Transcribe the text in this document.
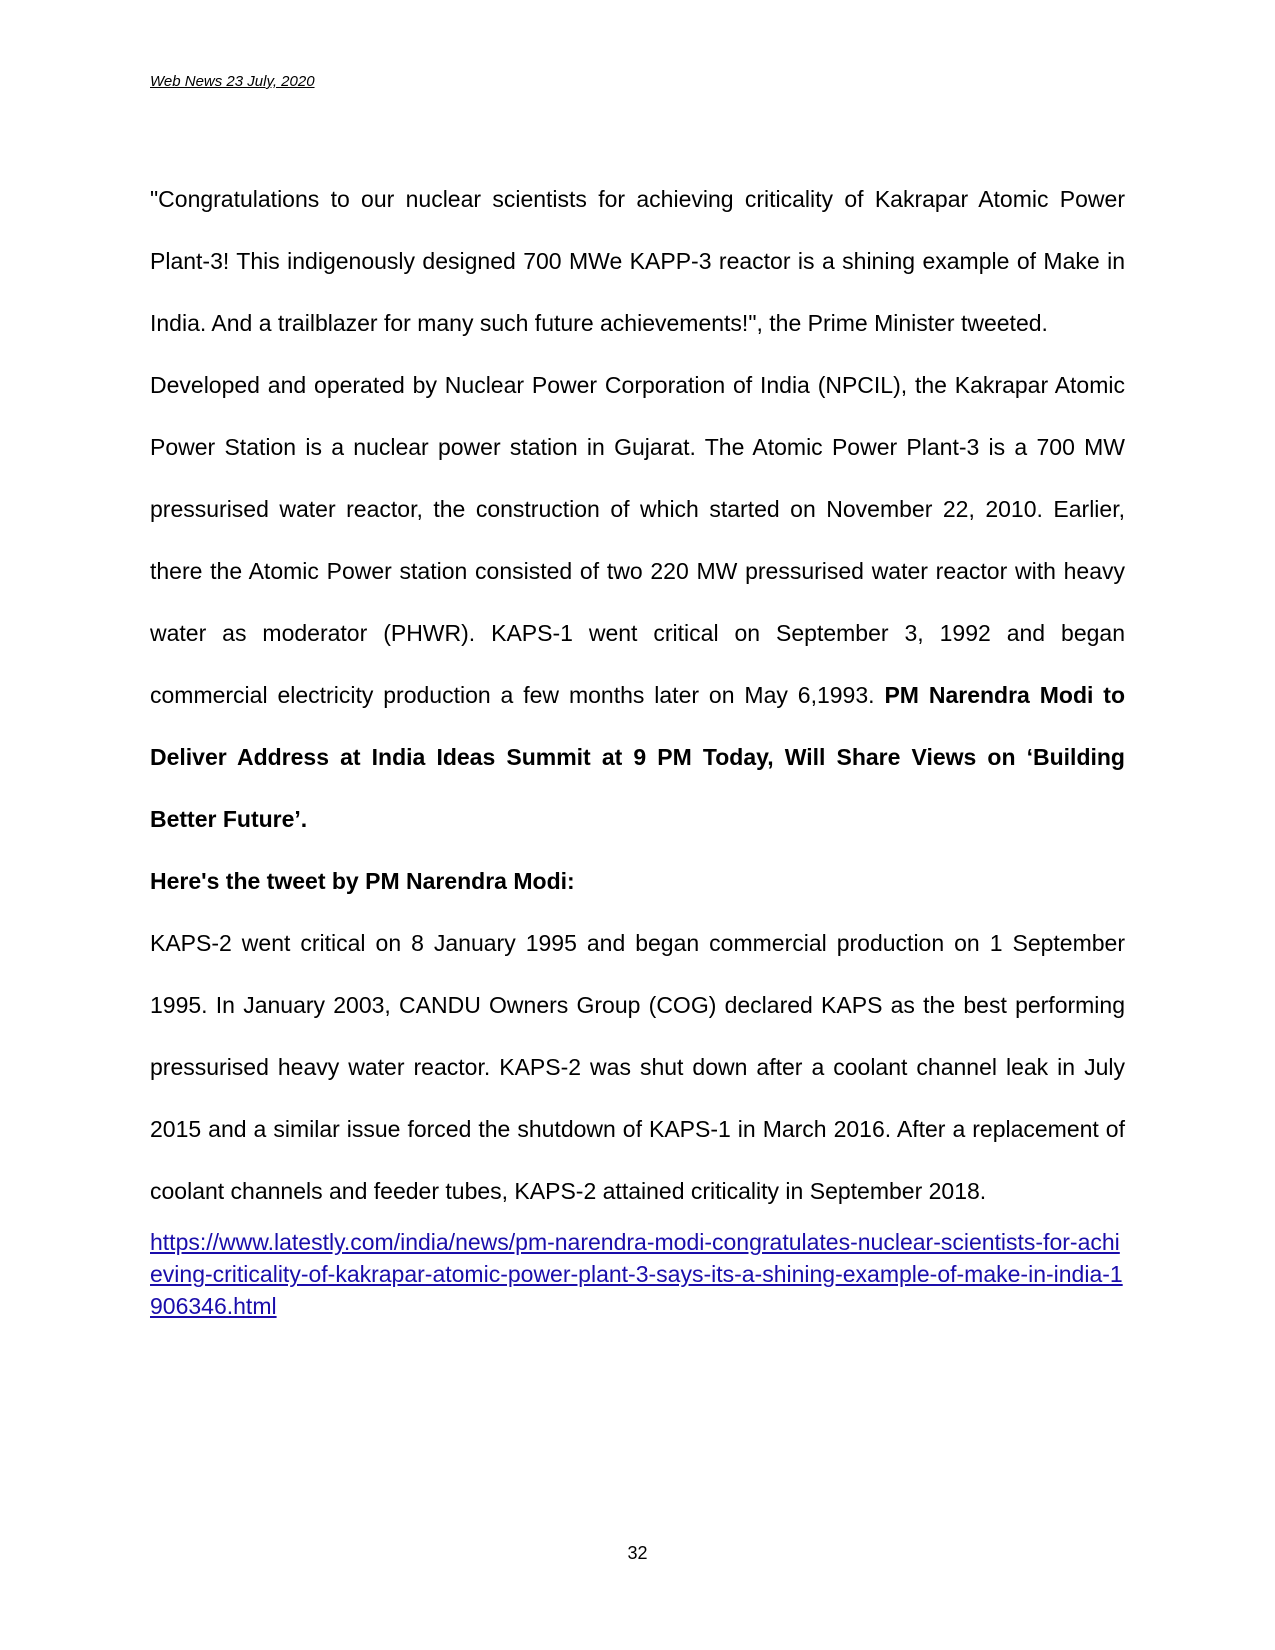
Web News 23 July, 2020

"Congratulations to our nuclear scientists for achieving criticality of Kakrapar Atomic Power Plant-3! This indigenously designed 700 MWe KAPP-3 reactor is a shining example of Make in India. And a trailblazer for many such future achievements!", the Prime Minister tweeted.

Developed and operated by Nuclear Power Corporation of India (NPCIL), the Kakrapar Atomic Power Station is a nuclear power station in Gujarat. The Atomic Power Plant-3 is a 700 MW pressurised water reactor, the construction of which started on November 22, 2010. Earlier, there the Atomic Power station consisted of two 220 MW pressurised water reactor with heavy water as moderator (PHWR). KAPS-1 went critical on September 3, 1992 and began commercial electricity production a few months later on May 6,1993. PM Narendra Modi to Deliver Address at India Ideas Summit at 9 PM Today, Will Share Views on ‘Building Better Future’.

Here's the tweet by PM Narendra Modi:

KAPS-2 went critical on 8 January 1995 and began commercial production on 1 September 1995. In January 2003, CANDU Owners Group (COG) declared KAPS as the best performing pressurised heavy water reactor. KAPS-2 was shut down after a coolant channel leak in July 2015 and a similar issue forced the shutdown of KAPS-1 in March 2016. After a replacement of coolant channels and feeder tubes, KAPS-2 attained criticality in September 2018.

https://www.latestly.com/india/news/pm-narendra-modi-congratulates-nuclear-scientists-for-achieving-criticality-of-kakrapar-atomic-power-plant-3-says-its-a-shining-example-of-make-in-india-1906346.html
32
